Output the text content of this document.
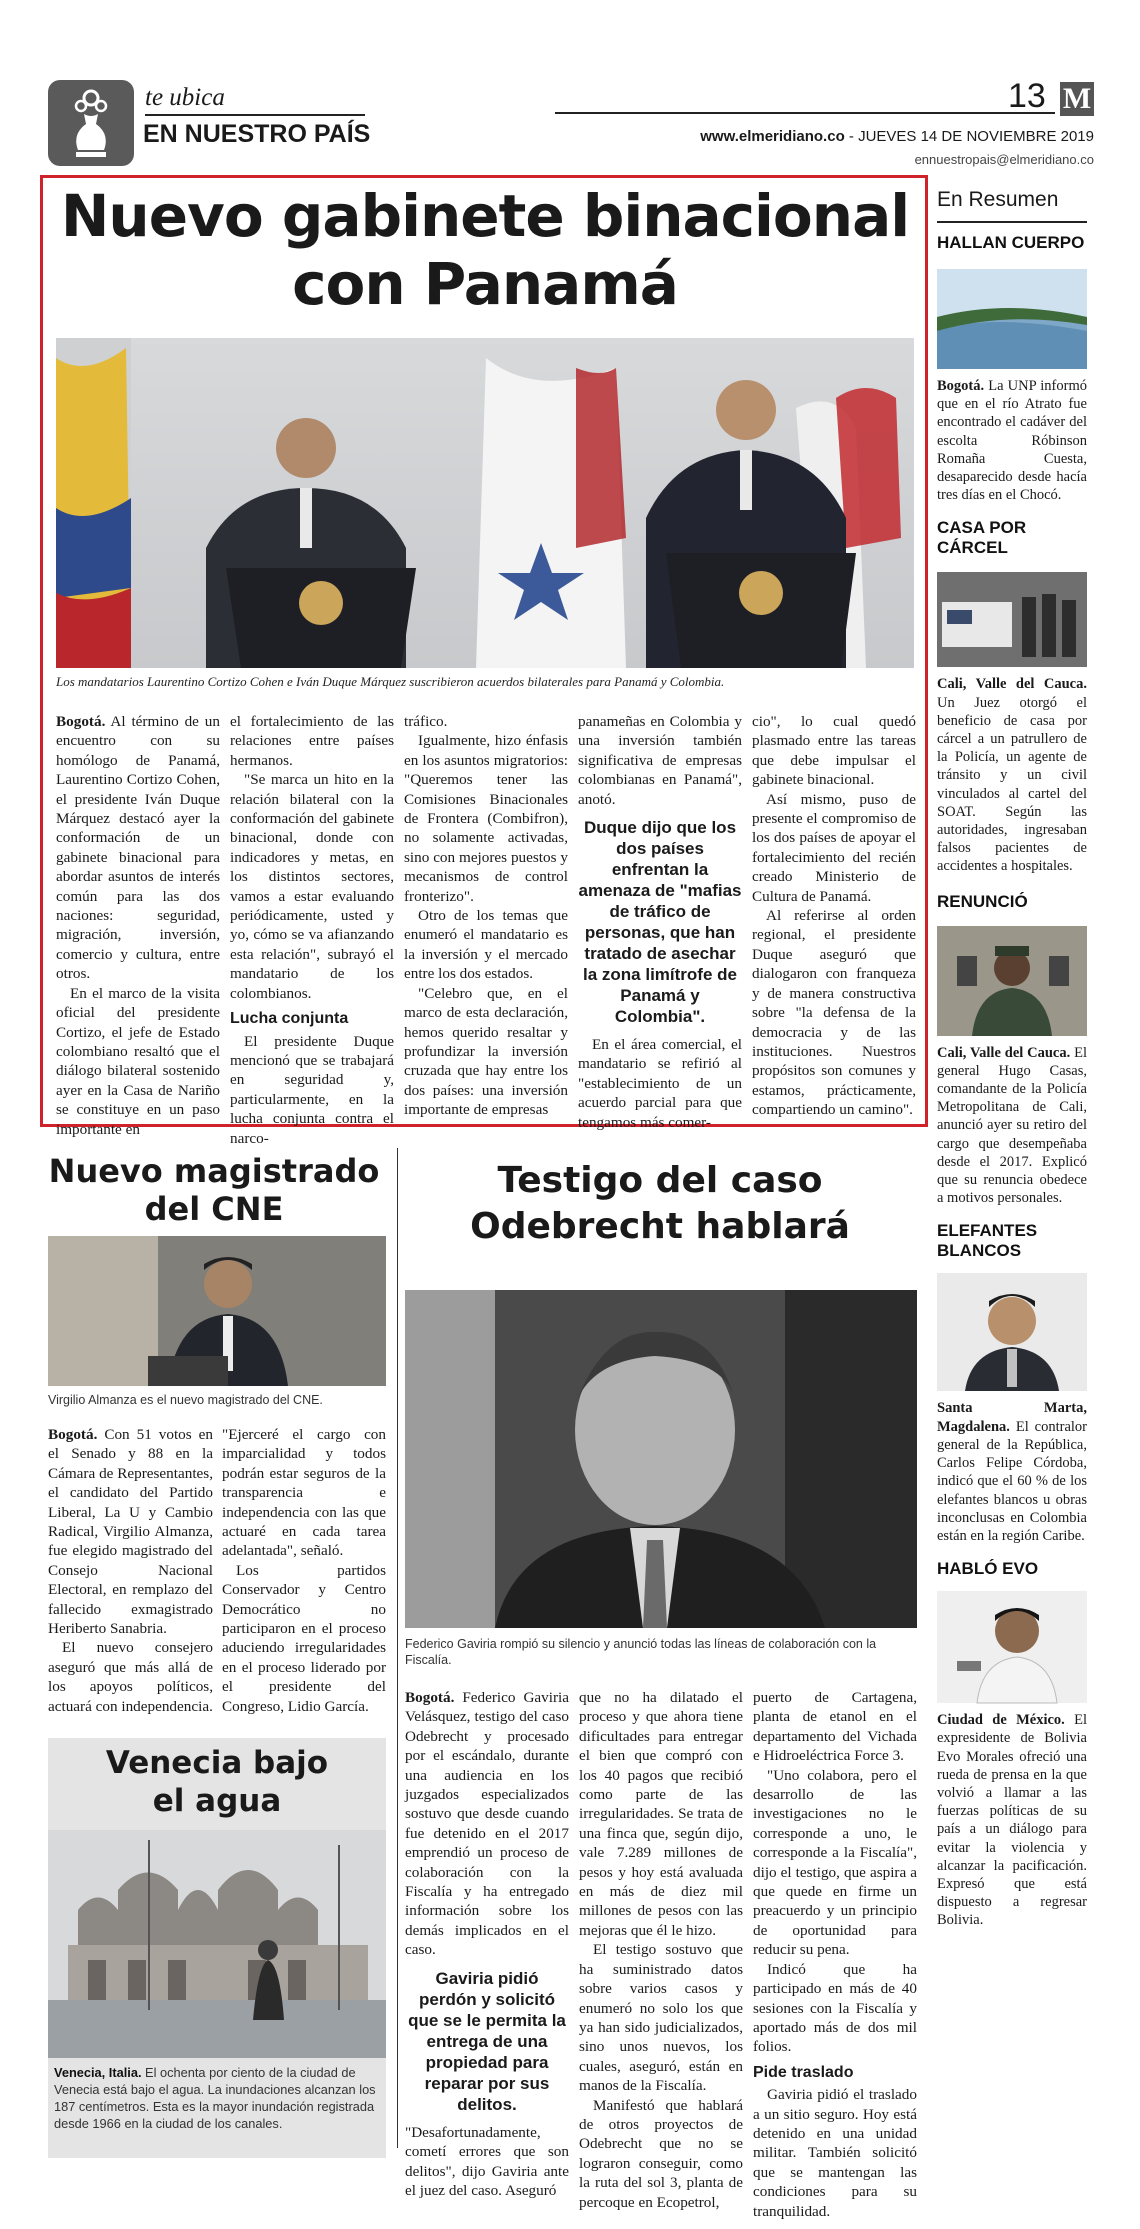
te ubica
EN NUESTRO PAÍS
13 M
www.elmeridiano.co - JUEVES 14 DE NOVIEMBRE 2019
ennuestropais@elmeridiano.co
Nuevo gabinete binacional con Panamá
Los mandatarios Laurentino Cortizo Cohen e Iván Duque Márquez suscribieron acuerdos bilaterales para Panamá y Colombia.

Bogotá. Al término de un encuentro con su homólogo de Panamá, Laurentino Cortizo Cohen, el presidente Iván Duque Márquez destacó ayer la conformación de un gabinete binacional para abordar asuntos de interés común para las dos naciones: seguridad, migración, inversión, comercio y cultura, entre otros.

En el marco de la visita oficial del presidente Cortizo, el jefe de Estado colombiano resaltó que el diálogo bilateral sostenido ayer en la Casa de Nariño se constituye en un paso importante en

el fortalecimiento de las relaciones entre países hermanos.

"Se marca un hito en la relación bilateral con la conformación del gabinete binacional, donde con indicadores y metas, en los distintos sectores, vamos a estar evaluando periódicamente, usted y yo, cómo se va afianzando esta relación", subrayó el mandatario de los colombianos.

Lucha conjunta

El presidente Duque mencionó que se trabajará en seguridad y, particularmente, en la lucha conjunta contra el narco-

tráfico.

Igualmente, hizo énfasis en los asuntos migratorios: "Queremos tener las Comisiones Binacionales de Frontera (Combifron), no solamente activadas, sino con mejores puestos y mecanismos de control fronterizo".

Otro de los temas que enumeró el mandatario es la inversión y el mercado entre los dos estados.

"Celebro que, en el marco de esta declaración, hemos querido resaltar y profundizar la inversión cruzada que hay entre los dos países: una inversión importante de empresas

panameñas en Colombia y una inversión también significativa de empresas colombianas en Panamá", anotó.

Duque dijo que los dos países enfrentan la amenaza de "mafias de tráfico de personas, que han tratado de asechar la zona limítrofe de Panamá y Colombia".

En el área comercial, el mandatario se refirió al "establecimiento de un acuerdo parcial para que tengamos más comer-

cio", lo cual quedó plasmado entre las tareas que debe impulsar el gabinete binacional.

Así mismo, puso de presente el compromiso de los dos países de apoyar el fortalecimiento del recién creado Ministerio de Cultura de Panamá.

Al referirse al orden regional, el presidente Duque aseguró que dialogaron con franqueza y de manera constructiva sobre "la defensa de la democracia y de las instituciones. Nuestros propósitos son comunes y estamos, prácticamente, compartiendo un camino".

En Resumen
HALLAN CUERPO
Bogotá. La UNP informó que en el río Atrato fue encontrado el cadáver del escolta Róbinson Romaña Cuesta, desaparecido desde hacía tres días en el Chocó.
CASA POR CÁRCEL
Cali, Valle del Cauca. Un Juez otorgó el beneficio de casa por cárcel a un patrullero de la Policía, un agente de tránsito y un civil vinculados al cartel del SOAT. Según las autoridades, ingresaban falsos pacientes de accidentes a hospitales.
RENUNCIÓ
Cali, Valle del Cauca. El general Hugo Casas, comandante de la Policía Metropolitana de Cali, anunció ayer su retiro del cargo que desempeñaba desde el 2017. Explicó que su renuncia obedece a motivos personales.
ELEFANTES BLANCOS
Santa Marta, Magdalena. El contralor general de la República, Carlos Felipe Córdoba, indicó que el 60 % de los elefantes blancos u obras inconclusas en Colombia están en la región Caribe.
HABLÓ EVO
Ciudad de México. El expresidente de Bolivia Evo Morales ofreció una rueda de prensa en la que volvió a llamar a las fuerzas políticas de su país a un diálogo para evitar la violencia y alcanzar la pacificación. Expresó que está dispuesto a regresar Bolivia.
Nuevo magistrado del CNE
Virgilio Almanza es el nuevo magistrado del CNE.

Bogotá. Con 51 votos en el Senado y 88 en la Cámara de Representantes, el candidato del Partido Liberal, La U y Cambio Radical, Virgilio Almanza, fue elegido magistrado del Consejo Nacional Electoral, en remplazo del fallecido exmagistrado Heriberto Sanabria.

El nuevo consejero aseguró que más allá de los apoyos políticos, actuará con independencia.

"Ejerceré el cargo con imparcialidad y todos podrán estar seguros de la transparencia e independencia con las que actuaré en cada tarea adelantada", señaló.

Los partidos Conservador y Centro Democrático no participaron en el proceso aduciendo irregularidades en el proceso liderado por el presidente del Congreso, Lidio García.

Venecia bajo el agua
Venecia, Italia. El ochenta por ciento de la ciudad de Venecia está bajo el agua. La inundaciones alcanzan los 187 centímetros. Esta es la mayor inundación registrada desde 1966 en la ciudad de los canales.
Testigo del caso Odebrecht hablará
Federico Gaviria rompió su silencio y anunció todas las líneas de colaboración con la Fiscalía.

Bogotá. Federico Gaviria Velásquez, testigo del caso Odebrecht y procesado por el escándalo, durante una audiencia en los juzgados especializados sostuvo que desde cuando fue detenido en el 2017 emprendió un proceso de colaboración con la Fiscalía y ha entregado información sobre los demás implicados en el caso.

Gaviria pidió perdón y solicitó que se le permita la entrega de una propiedad para reparar por sus delitos.

"Desafortunadamente, cometí errores que son delitos", dijo Gaviria ante el juez del caso. Aseguró

que no ha dilatado el proceso y que ahora tiene dificultades para entregar el bien que compró con los 40 pagos que recibió como parte de las irregularidades. Se trata de una finca que, según dijo, vale 7.289 millones de pesos y hoy está avaluada en más de diez mil millones de pesos con las mejoras que él le hizo.

El testigo sostuvo que ha suministrado datos sobre varios casos y enumeró no solo los que ya han sido judicializados, sino unos nuevos, los cuales, aseguró, están en manos de la Fiscalía.

Manifestó que hablará de otros proyectos de Odebrecht que no se lograron conseguir, como la ruta del sol 3, planta de percoque en Ecopetrol,

puerto de Cartagena, planta de etanol en el departamento del Vichada e Hidroeléctrica Force 3.

"Uno colabora, pero el desarrollo de las investigaciones no le corresponde a uno, le corresponde a la Fiscalía", dijo el testigo, que aspira a que quede en firme un preacuerdo y un principio de oportunidad para reducir su pena.

Indicó que ha participado en más de 40 sesiones con la Fiscalía y aportado más de dos mil folios.

Pide traslado

Gaviria pidió el traslado a un sitio seguro. Hoy está detenido en una unidad militar. También solicitó que se mantengan las condiciones para su tranquilidad.
